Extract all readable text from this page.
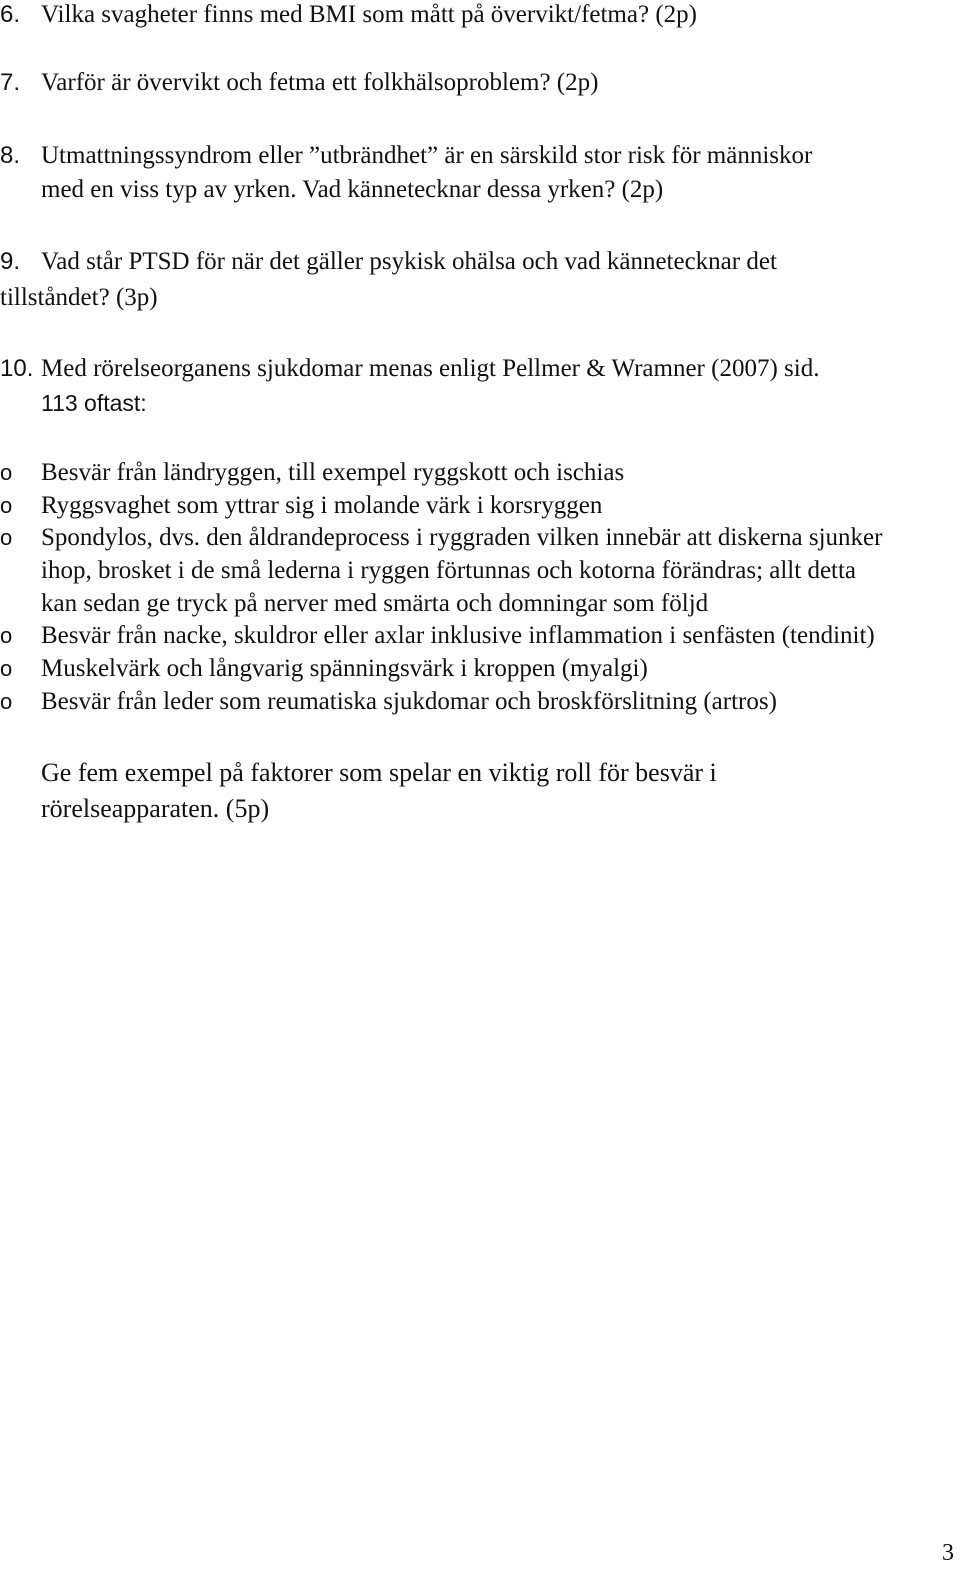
6. Vilka svagheter finns med BMI som mått på övervikt/fetma? (2p)
7. Varför är övervikt och fetma ett folkhälsoproblem? (2p)
8. Utmattningssyndrom eller ”utbrändhet” är en särskild stor risk för människor
med en viss typ av yrken. Vad kännetecknar dessa yrken? (2p)
9. Vad står PTSD för när det gäller psykisk ohälsa och vad kännetecknar det
tillståndet? (3p)
10. Med rörelseorganens sjukdomar menas enligt Pellmer & Wramner (2007) sid.
113 oftast:
o Besvär från ländryggen, till exempel ryggskott och ischias
o Ryggsvaghet som yttrar sig i molande värk i korsryggen
o Spondylos, dvs. den åldrandeprocess i ryggraden vilken innebär att diskerna sjunker
ihop, brosket i de små lederna i ryggen förtunnas och kotorna förändras; allt detta
kan sedan ge tryck på nerver med smärta och domningar som följd
o Besvär från nacke, skuldror eller axlar inklusive inflammation i senfästen (tendinit)
o Muskelvärk och långvarig spänningsvärk i kroppen (myalgi)
o Besvär från leder som reumatiska sjukdomar och broskförslitning (artros)
Ge fem exempel på faktorer som spelar en viktig roll för besvär i
rörelseapparaten. (5p)
3
